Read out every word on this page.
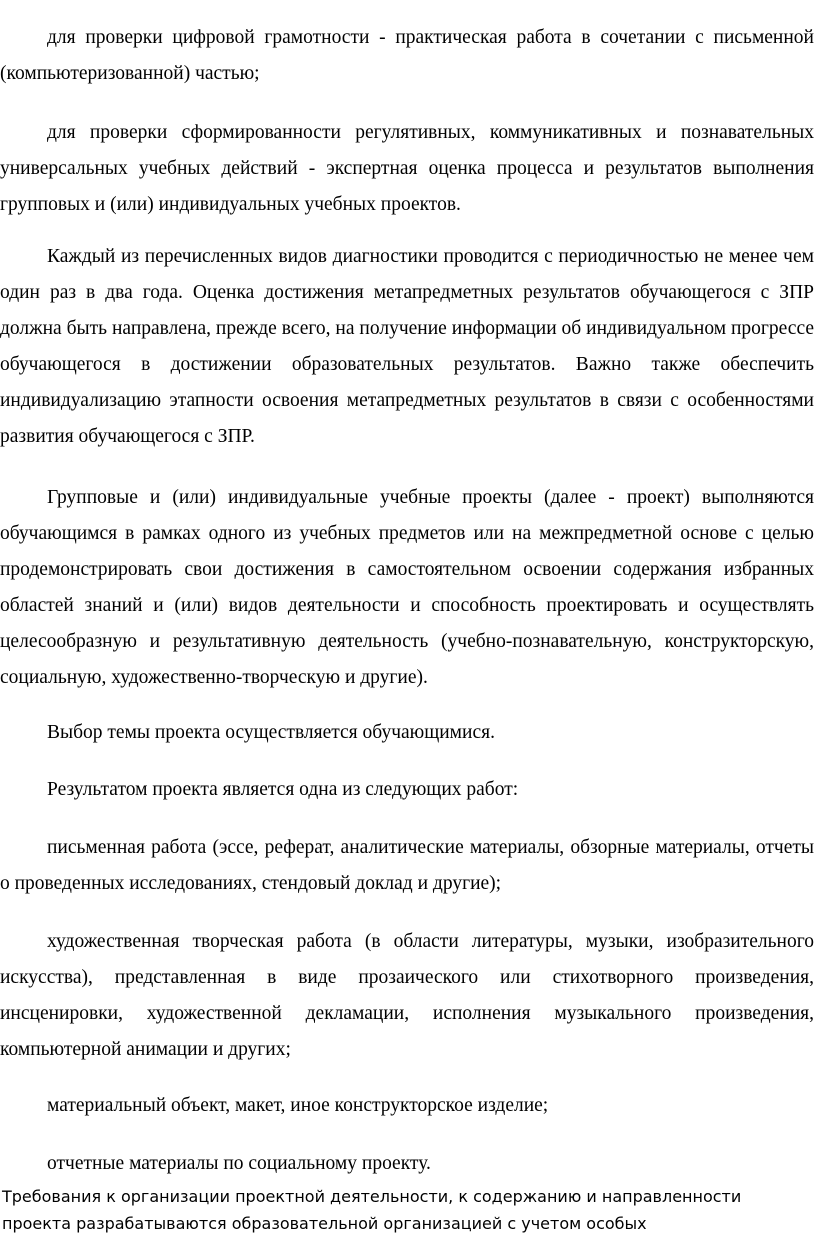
для проверки цифровой грамотности - практическая работа в сочетании с письменной (компьютеризованной) частью;

для проверки сформированности регулятивных, коммуникативных и познавательных универсальных учебных действий - экспертная оценка процесса и результатов выполнения групповых и (или) индивидуальных учебных проектов.

Каждый из перечисленных видов диагностики проводится с периодичностью не менее чем один раз в два года. Оценка достижения метапредметных результатов обучающегося с ЗПР должна быть направлена, прежде всего, на получение информации об индивидуальном прогрессе обучающегося в достижении образовательных результатов. Важно также обеспечить индивидуализацию этапности освоения метапредметных результатов в связи с особенностями развития обучающегося с ЗПР.

Групповые и (или) индивидуальные учебные проекты (далее - проект) выполняются обучающимся в рамках одного из учебных предметов или на межпредметной основе с целью продемонстрировать свои достижения в самостоятельном освоении содержания избранных областей знаний и (или) видов деятельности и способность проектировать и осуществлять целесообразную и результативную деятельность (учебно-познавательную, конструкторскую, социальную, художественно-творческую и другие).

Выбор темы проекта осуществляется обучающимися.

Результатом проекта является одна из следующих работ:

письменная работа (эссе, реферат, аналитические материалы, обзорные материалы, отчеты о проведенных исследованиях, стендовый доклад и другие);

художественная творческая работа (в области литературы, музыки, изобразительного искусства), представленная в виде прозаического или стихотворного произведения, инсценировки, художественной декламации, исполнения музыкального произведения, компьютерной анимации и других;

материальный объект, макет, иное конструкторское изделие;

отчетные материалы по социальному проекту.

Требования к организации проектной деятельности, к содержанию и направленности проекта разрабатываются образовательной организацией с учетом особых
